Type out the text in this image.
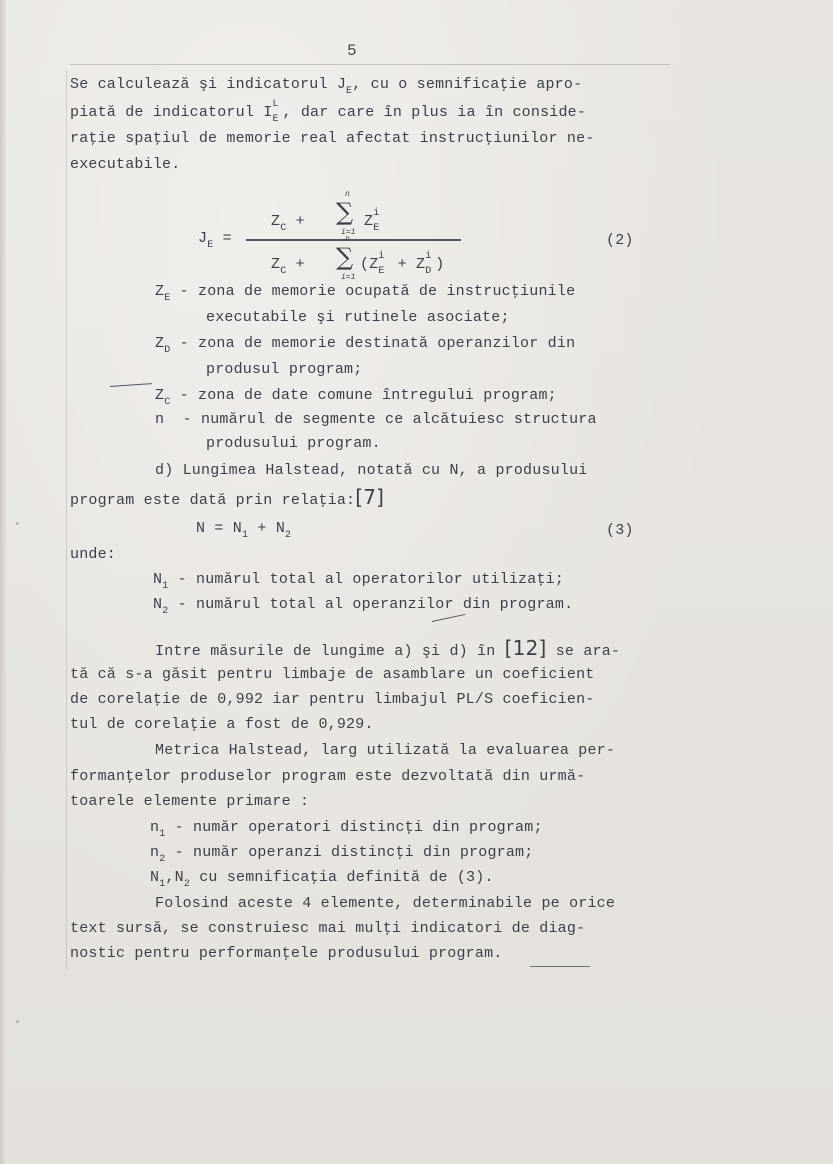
5
Se calculează şi indicatorul $J_E$, cu o semnificaţie apro-
piată de indicatorul I L
E , dar care în plus ia în conside-
raţie spaţiul de memorie real afectat instrucţiunilor ne-
executabile.
$J_E$ =
$Z_C$ +
n
∑
i=1
Z i
E
$Z_C$ +
n
∑
i=1
(Z i
E + Z i
D )
(2)
$Z_E$ - zona de memorie ocupată de instrucţiunile
executabile şi rutinele asociate;
$Z_D$ - zona de memorie destinată operanzilor din
produsul program;
$Z_C$ - zona de date comune întregului program;
n  - numărul de segmente ce alcătuiesc structura
produsului program.
d) Lungimea Halstead, notată cu N, a produsului
program este dată prin relaţia:[7]
$N = N_1 + N_2$	(3)
unde:
$N_1$ - numărul total al operatorilor utilizaţi;
$N_2$ - numărul total al operanzilor din program.
Intre măsurile de lungime a) şi d) în [12] se ara-
tă că s-a găsit pentru limbaje de asamblare un coeficient
de corelaţie de 0,992 iar pentru limbajul PL/S coeficien-
tul de corelaţie a fost de 0,929.
Metrica Halstead, larg utilizată la evaluarea per-
formanţelor produselor program este dezvoltată din urmă-
toarele elemente primare :
$n_1$ - număr operatori distincţi din program;
$n_2$ - număr operanzi distincţi din program;
$N_1,N_2$ cu semnificaţia definită de (3).
Folosind aceste 4 elemente, determinabile pe orice
text sursă, se construiesc mai mulţi indicatori de diag-
nostic pentru performanţele produsului program.
